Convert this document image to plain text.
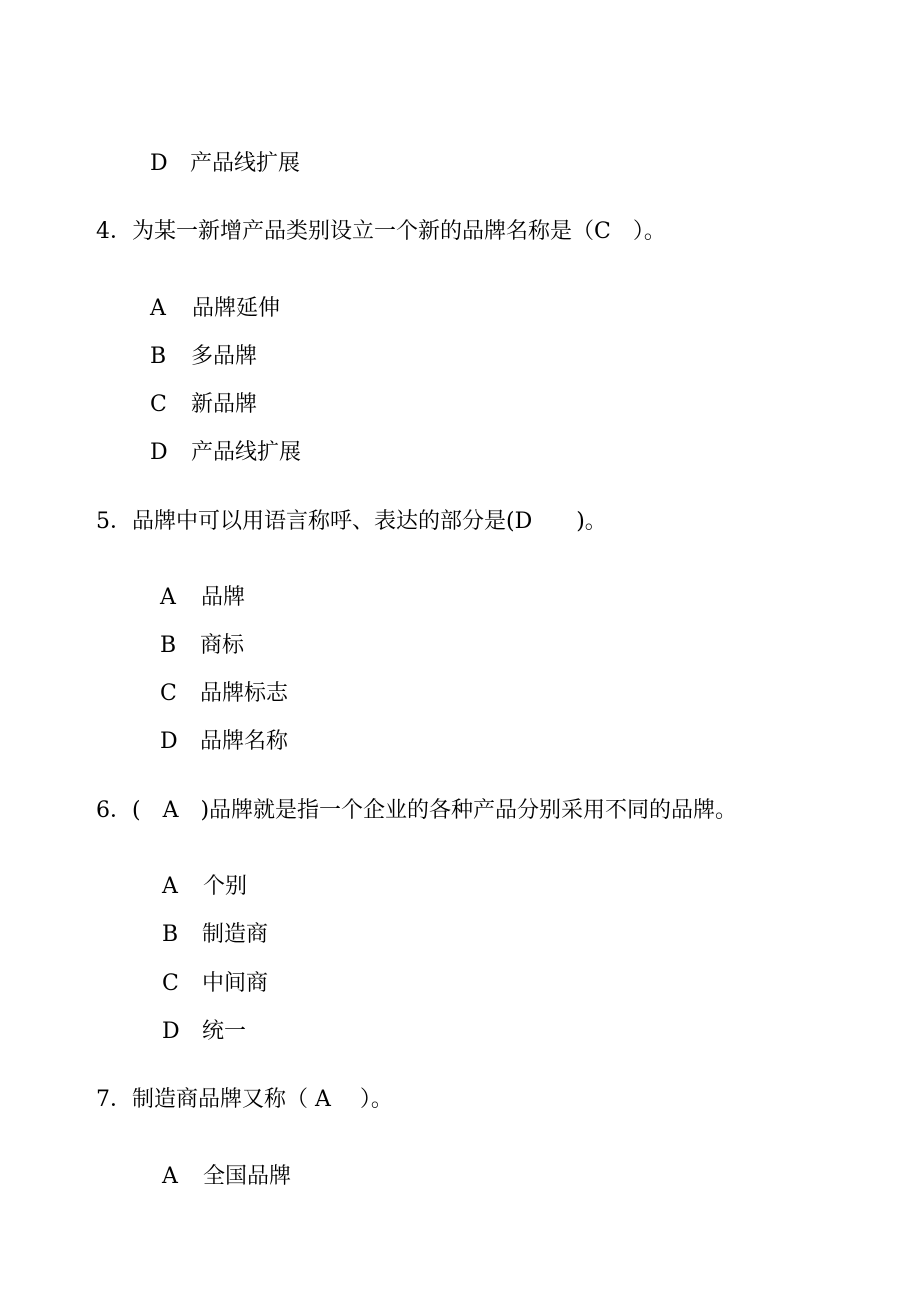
D 产品线扩展

4．为某一新增产品类别设立一个新的品牌名称是（C　）。

A 品牌延伸

B 多品牌

C 新品牌

D 产品线扩展

5．品牌中可以用语言称呼、表达的部分是(D　　)。

A 品牌

B 商标

C 品牌标志

D 品牌名称

6．(　A　)品牌就是指一个企业的各种产品分别采用不同的品牌。

A 个别

B 制造商

C 中间商

D 统一

7．制造商品牌又称（ A　 ）。

A 全国品牌
